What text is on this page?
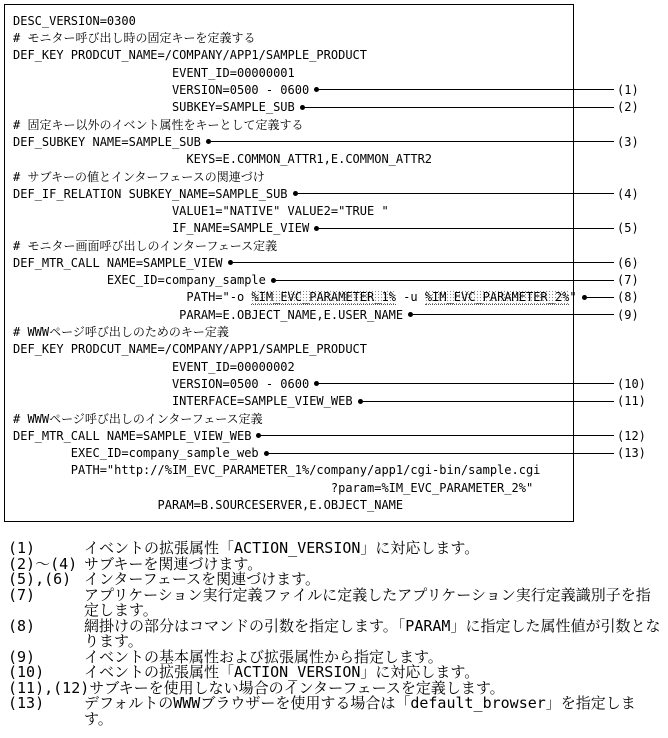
DESC_VERSION=0300
# モニター呼び出し時の固定キーを定義する
DEF_KEY PRODCUT_NAME=/COMPANY/APP1/SAMPLE_PRODUCT
EVENT_ID=00000001
VERSION=0500 - 0600	(1)
SUBKEY=SAMPLE_SUB	(2)
# 固定キー以外のイベント属性をキーとして定義する
DEF_SUBKEY NAME=SAMPLE_SUB	(3)
KEYS=E.COMMON_ATTR1,E.COMMON_ATTR2
# サブキーの値とインターフェースの関連づけ
DEF_IF_RELATION SUBKEY_NAME=SAMPLE_SUB	(4)
VALUE1="NATIVE" VALUE2="TRUE "
IF_NAME=SAMPLE_VIEW	(5)
# モニター画面呼び出しのインターフェース定義
DEF_MTR_CALL NAME=SAMPLE_VIEW	(6)
EXEC_ID=company_sample	(7)
PATH="-o %IM_EVC_PARAMETER_1% -u %IM_EVC_PARAMETER_2%"	(8)
PARAM=E.OBJECT_NAME,E.USER_NAME	(9)
# WWWページ呼び出しのためのキー定義
DEF_KEY PRODCUT_NAME=/COMPANY/APP1/SAMPLE_PRODUCT
EVENT_ID=00000002
VERSION=0500 - 0600	(10)
INTERFACE=SAMPLE_VIEW_WEB	(11)
# WWWページ呼び出しのインターフェース定義
DEF_MTR_CALL NAME=SAMPLE_VIEW_WEB	(12)
EXEC_ID=company_sample_web	(13)
PATH="http://%IM_EVC_PARAMETER_1%/company/app1/cgi-bin/sample.cgi
?param=%IM_EVC_PARAMETER_2%"
PARAM=B.SOURCESERVER,E.OBJECT_NAME
(1)	イベントの拡張属性「ACTION_VERSION」に対応します。
(2)～(4) サブキーを関連づけます。
(5),(6) インターフェースを関連づけます。
(7)	アプリケーション実行定義ファイルに定義したアプリケーション実行定義識別子を指定します。
(8)	網掛けの部分はコマンドの引数を指定します。「PARAM」に指定した属性値が引数となります。
(9)	イベントの基本属性および拡張属性から指定します。
(10)	イベントの拡張属性「ACTION_VERSION」に対応します。
(11),(12) サブキーを使用しない場合のインターフェースを定義します。
(13)	デフォルトのWWWブラウザーを使用する場合は「default_browser」を指定します。
